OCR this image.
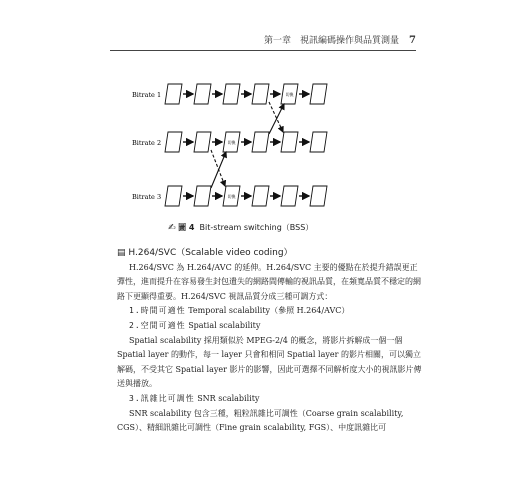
第一章　視訊編碼操作與品質測量 7
Bitrate 1	切換
Bitrate 2	切換
Bitrate 3	切換
✍ 圖 4 Bit-stream switching（BSS）

▤ H.264/SVC（Scalable video coding）

H.264/SVC 為 H.264/AVC 的延伸。H.264/SVC 主要的優點在於提升錯誤更正彈性，進而提升在容易發生封包遺失的網路間傳輸的視訊品質，在頻寬品質不穩定的網路下更顯得重要。H.264/SVC 視訊品質分成三種可調方式：

1.時間可適性 Temporal scalability（參照 H.264/AVC）

2.空間可適性 Spatial scalability

Spatial scalability 採用類似於 MPEG-2/4 的概念，將影片拆解成一個一個 Spatial layer 的動作，每一 layer 只會和相同 Spatial layer 的影片相關，可以獨立解碼，不受其它 Spatial layer 影片的影響，因此可選擇不同解析度大小的視訊影片傳送與播放。

3.訊雜比可調性 SNR scalability

SNR scalability 包含三種，粗粒訊雜比可調性（Coarse grain scalability, CGS）、精細訊雜比可調性（Fine grain scalability, FGS）、中度訊雜比可
